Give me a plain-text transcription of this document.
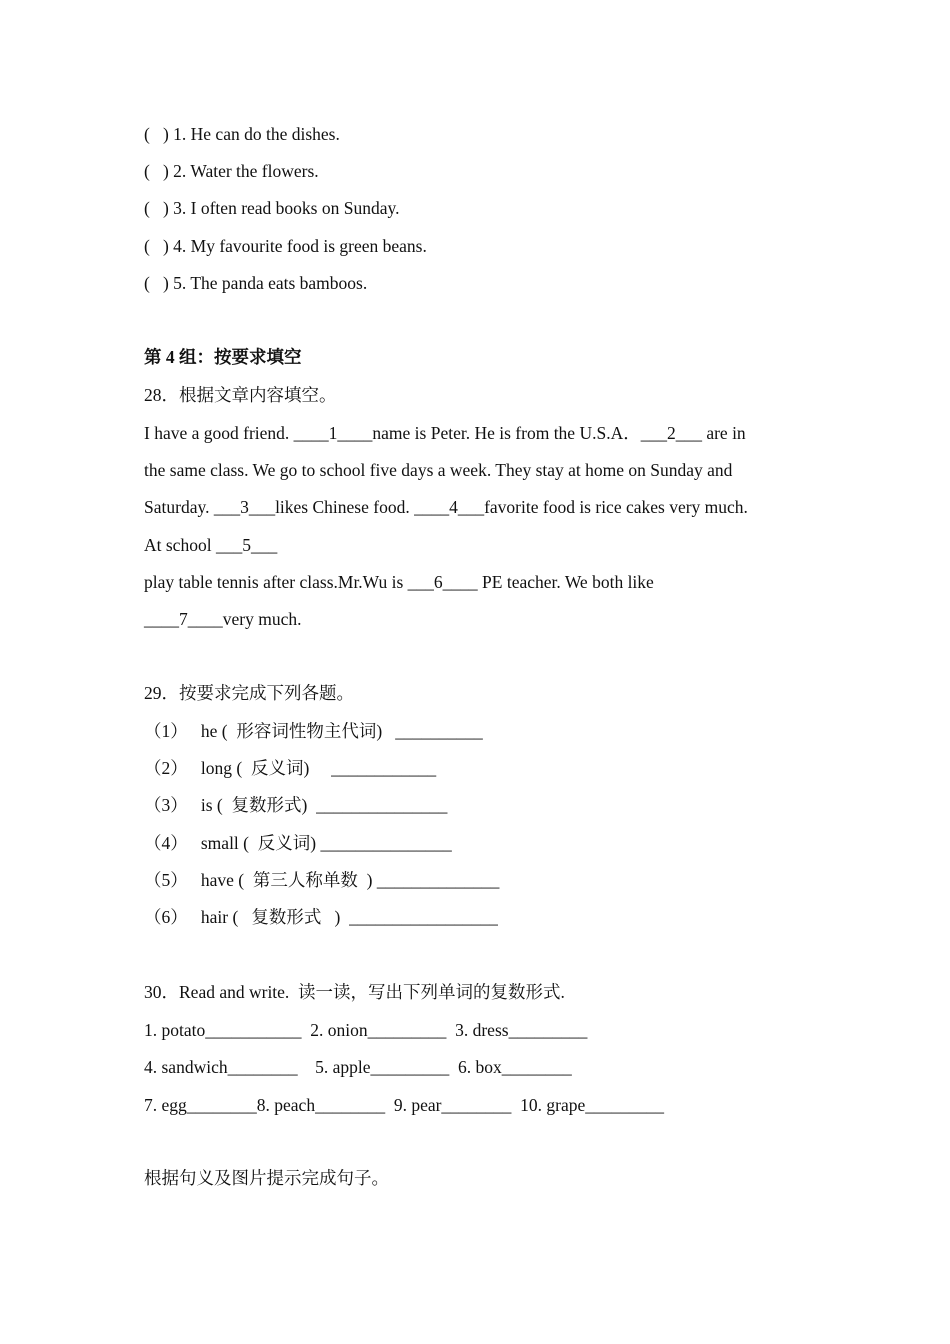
(   ) 1. He can do the dishes.
(   ) 2. Water the flowers.
(   ) 3. I often read books on Sunday.
(   ) 4. My favourite food is green beans.
(   ) 5. The panda eats bamboos.
第 4 组：按要求填空
28．根据文章内容填空。
I have a good friend. ____1____name is Peter. He is from the U.S.A．___2___ are in
the same class. We go to school five days a week. They stay at home on Sunday and
Saturday. ___3___likes Chinese food. ____4___favorite food is rice cakes very much.
At school ___5___
play table tennis after class.Mr.Wu is ___6____ PE teacher. We both like
____7____very much.
29．按要求完成下列各题。
（1）   he (  形容词性物主代词)   __________
（2）   long (  反义词)     ____________
（3）   is (  复数形式)  _______________
（4）   small (  反义词) _______________
（5）   have (  第三人称单数  ) ______________
（6）   hair (   复数形式   )  _________________
30．Read and write.  读一读，写出下列单词的复数形式.
1. potato___________  2. onion_________  3. dress_________
4. sandwich________    5. apple_________  6. box________
7. egg________8. peach________  9. pear________  10. grape_________
根据句义及图片提示完成句子。
